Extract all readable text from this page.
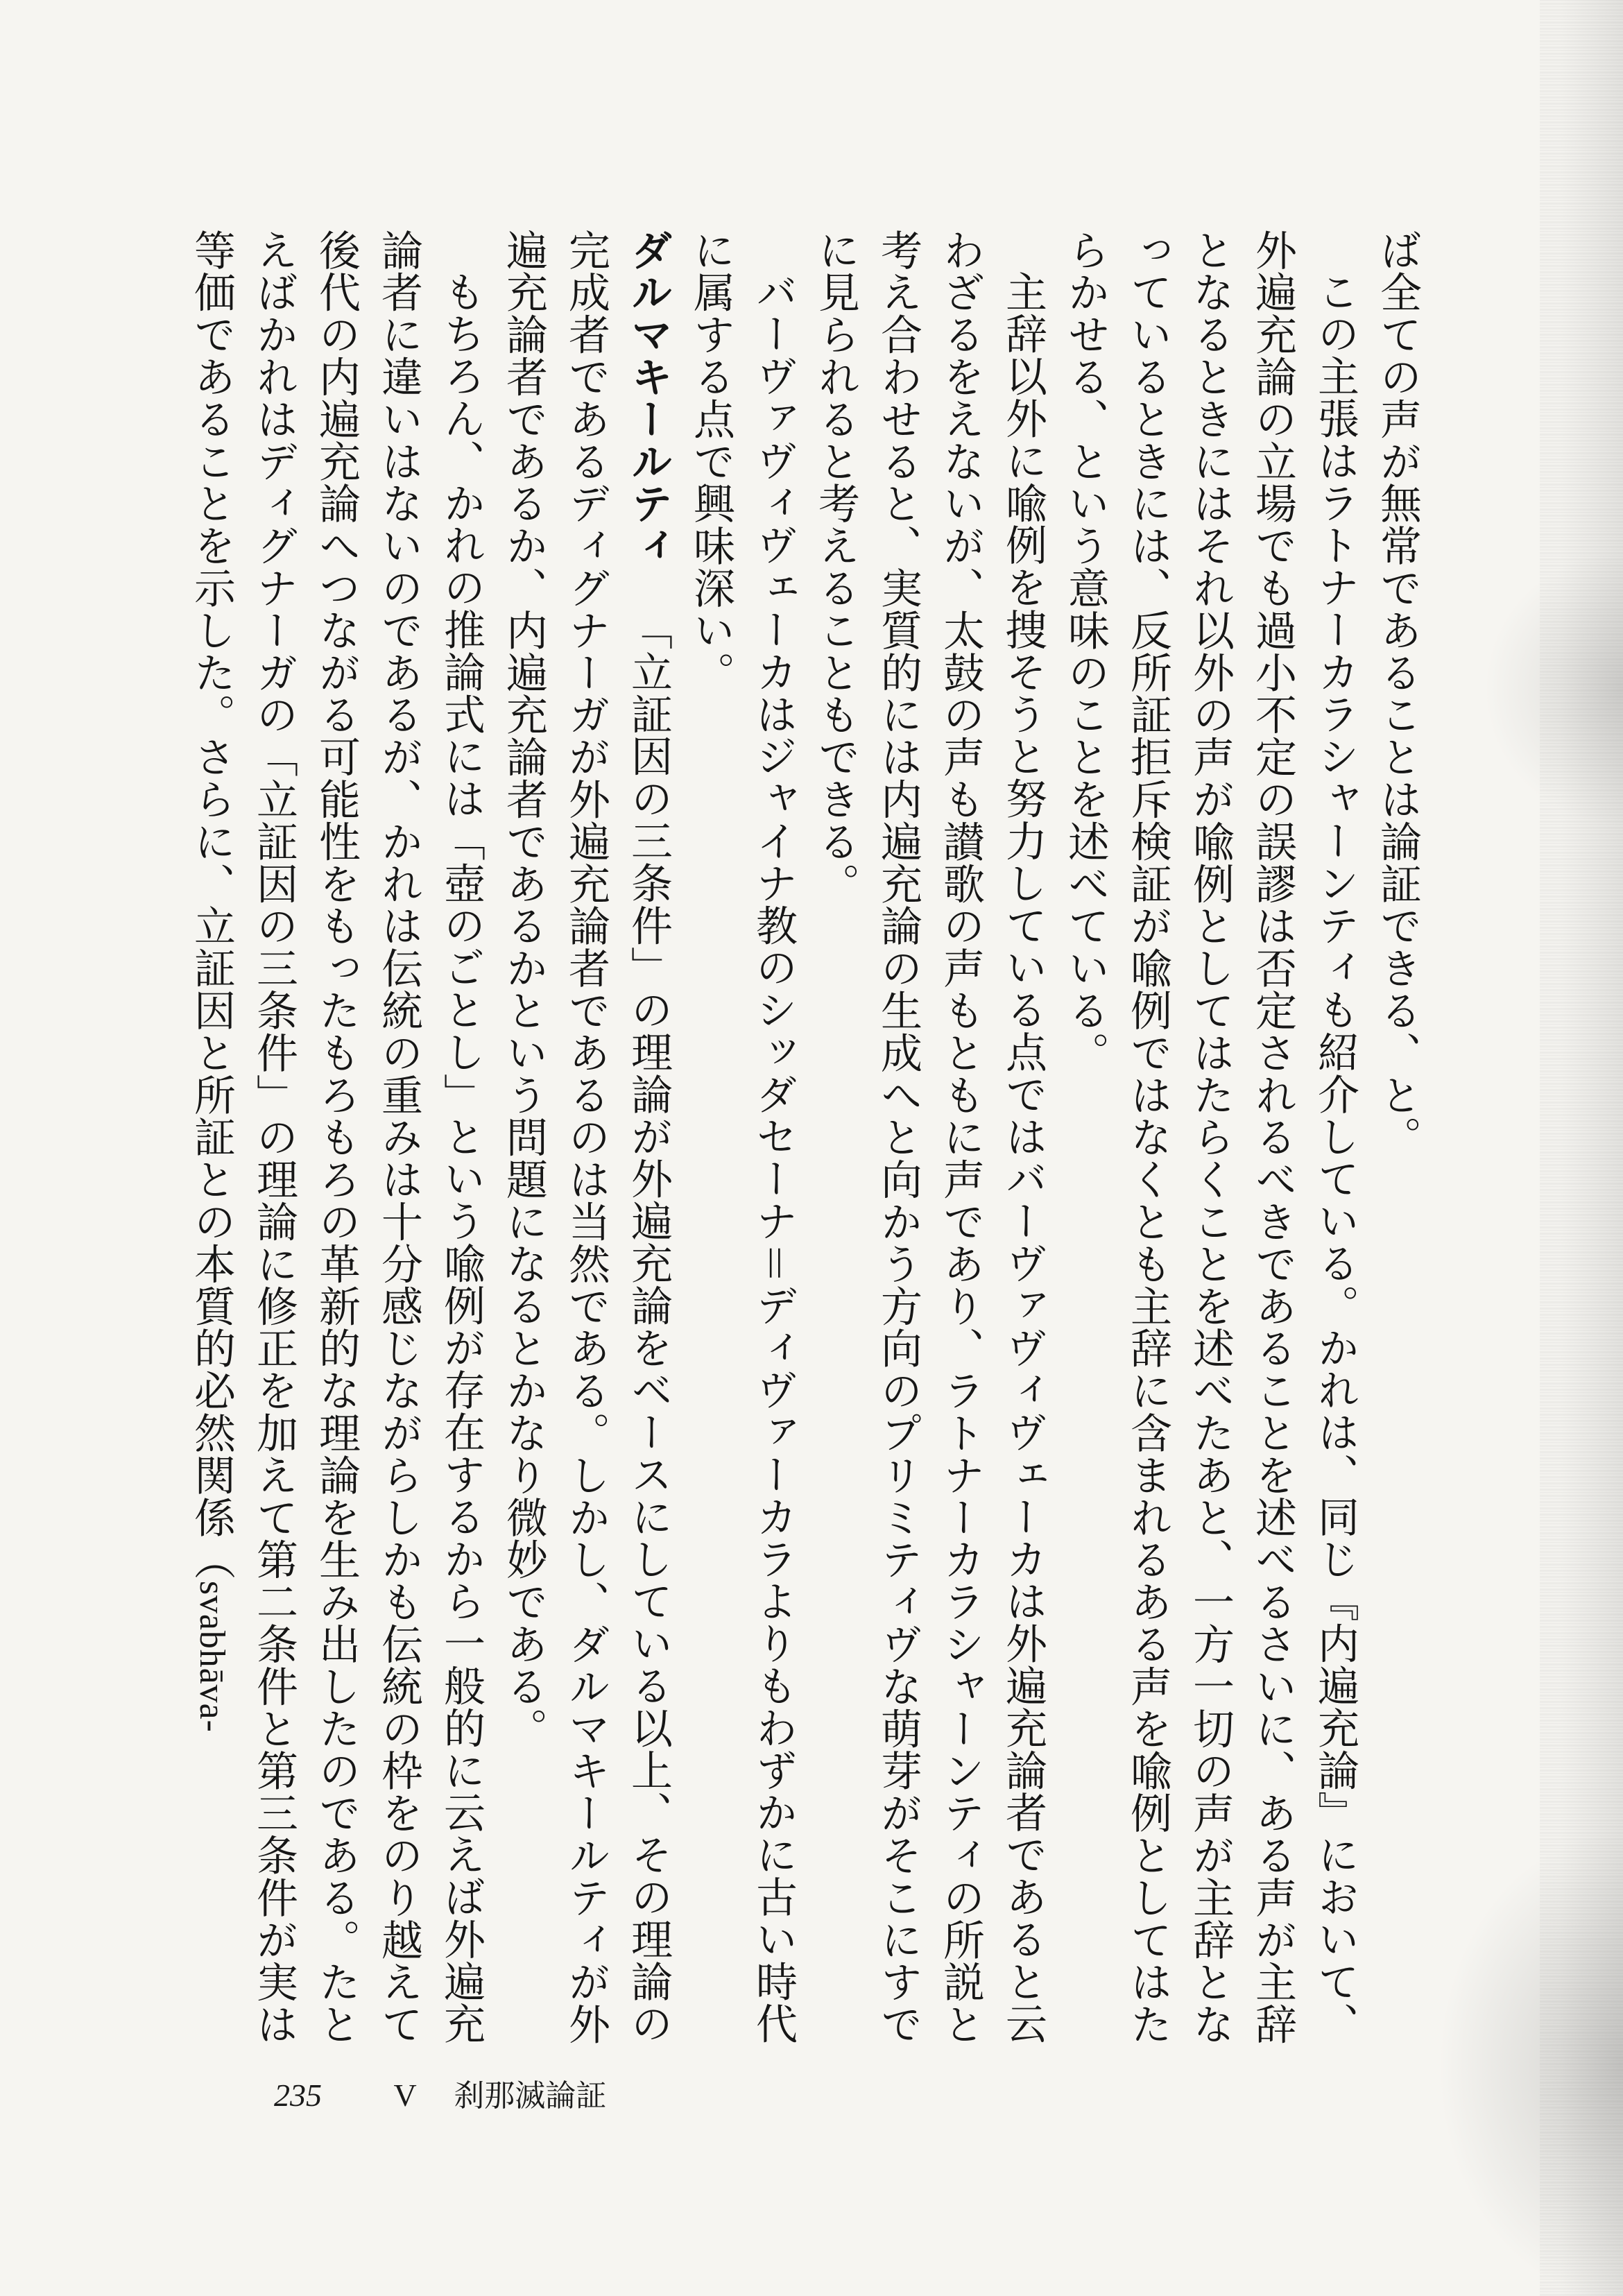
ば全ての声が無常であることは論証できる、と。

この主張はラトナーカラシャーンティも紹介している。かれは、同じ『内遍充論』において、外遍充論の立場でも過小不定の誤謬は否定されるべきであることを述べるさいに、ある声が主辞となるときにはそれ以外の声が喩例としてはたらくことを述べたあと、一方一切の声が主辞となっているときには、反所証拒斥検証が喩例ではなくとも主辞に含まれるある声を喩例としてはたらかせる、という意味のことを述べている。

主辞以外に喩例を捜そうと努力している点ではバーヴァヴィヴェーカは外遍充論者であると云わざるをえないが、太鼓の声も讃歌の声もともに声であり、ラトナーカラシャーンティの所説と考え合わせると、実質的には内遍充論の生成へと向かう方向のプリミティヴな萌芽がそこにすでに見られると考えることもできる。

バーヴァヴィヴェーカはジャイナ教のシッダセーナ＝ディヴァーカラよりもわずかに古い時代に属する点で興味深い。

ダルマキールティ「立証因の三条件」の理論が外遍充論をベースにしている以上、その理論の完成者であるディグナーガが外遍充論者であるのは当然である。しかし、ダルマキールティが外遍充論者であるか、内遍充論者であるかという問題になるとかなり微妙である。

もちろん、かれの推論式には「壺のごとし」という喩例が存在するから一般的に云えば外遍充論者に違いはないのであるが、かれは伝統の重みは十分感じながらしかも伝統の枠をのり越えて後代の内遍充論へつながる可能性をもったもろもろの革新的な理論を生み出したのである。たとえばかれはディグナーガの「立証因の三条件」の理論に修正を加えて第二条件と第三条件が実は等価であることを示した。さらに、立証因と所証との本質的必然関係（svabhāva-

235 V 刹那滅論証
